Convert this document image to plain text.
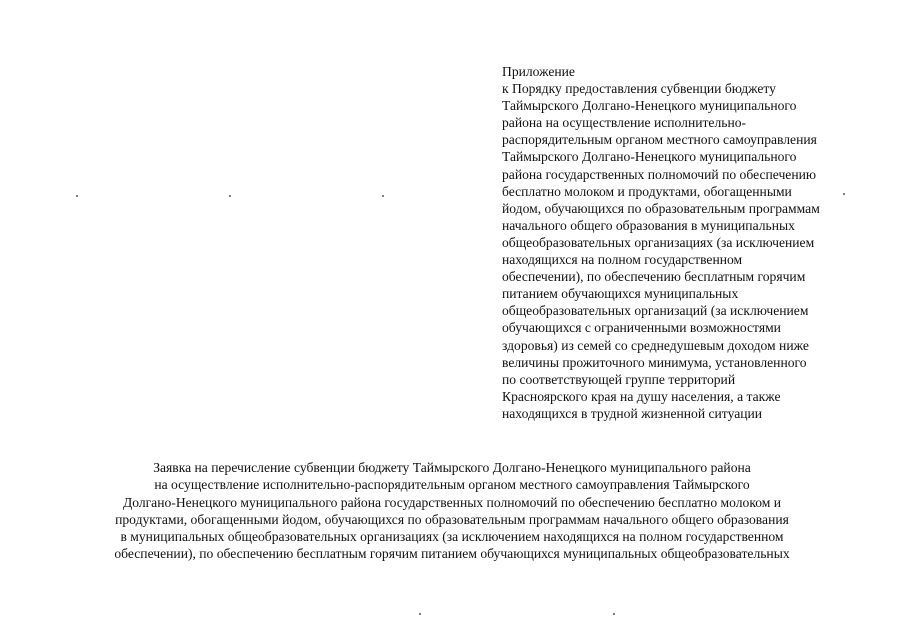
Приложение
к Порядку предоставления субвенции бюджету
Таймырского Долгано-Ненецкого муниципального
района на осуществление исполнительно-
распорядительным органом местного самоуправления
Таймырского Долгано-Ненецкого муниципального
района государственных полномочий по обеспечению
бесплатно молоком и продуктами, обогащенными
йодом, обучающихся по образовательным программам
начального общего образования в муниципальных
общеобразовательных организациях (за исключением
находящихся на полном государственном
обеспечении), по обеспечению бесплатным горячим
питанием обучающихся муниципальных
общеобразовательных организаций (за исключением
обучающихся с ограниченными возможностями
здоровья) из семей со среднедушевым доходом ниже
величины прожиточного минимума, установленного
по соответствующей группе территорий
Красноярского края на душу населения, а также
находящихся в трудной жизненной ситуации
Заявка на перечисление субвенции бюджету Таймырского Долгано-Ненецкого муниципального района
на осуществление исполнительно-распорядительным органом местного самоуправления Таймырского
Долгано-Ненецкого муниципального района государственных полномочий по обеспечению бесплатно молоком и
продуктами, обогащенными йодом, обучающихся по образовательным программам начального общего образования
в муниципальных общеобразовательных организациях (за исключением находящихся на полном государственном
обеспечении), по обеспечению бесплатным горячим питанием обучающихся муниципальных общеобразовательных
